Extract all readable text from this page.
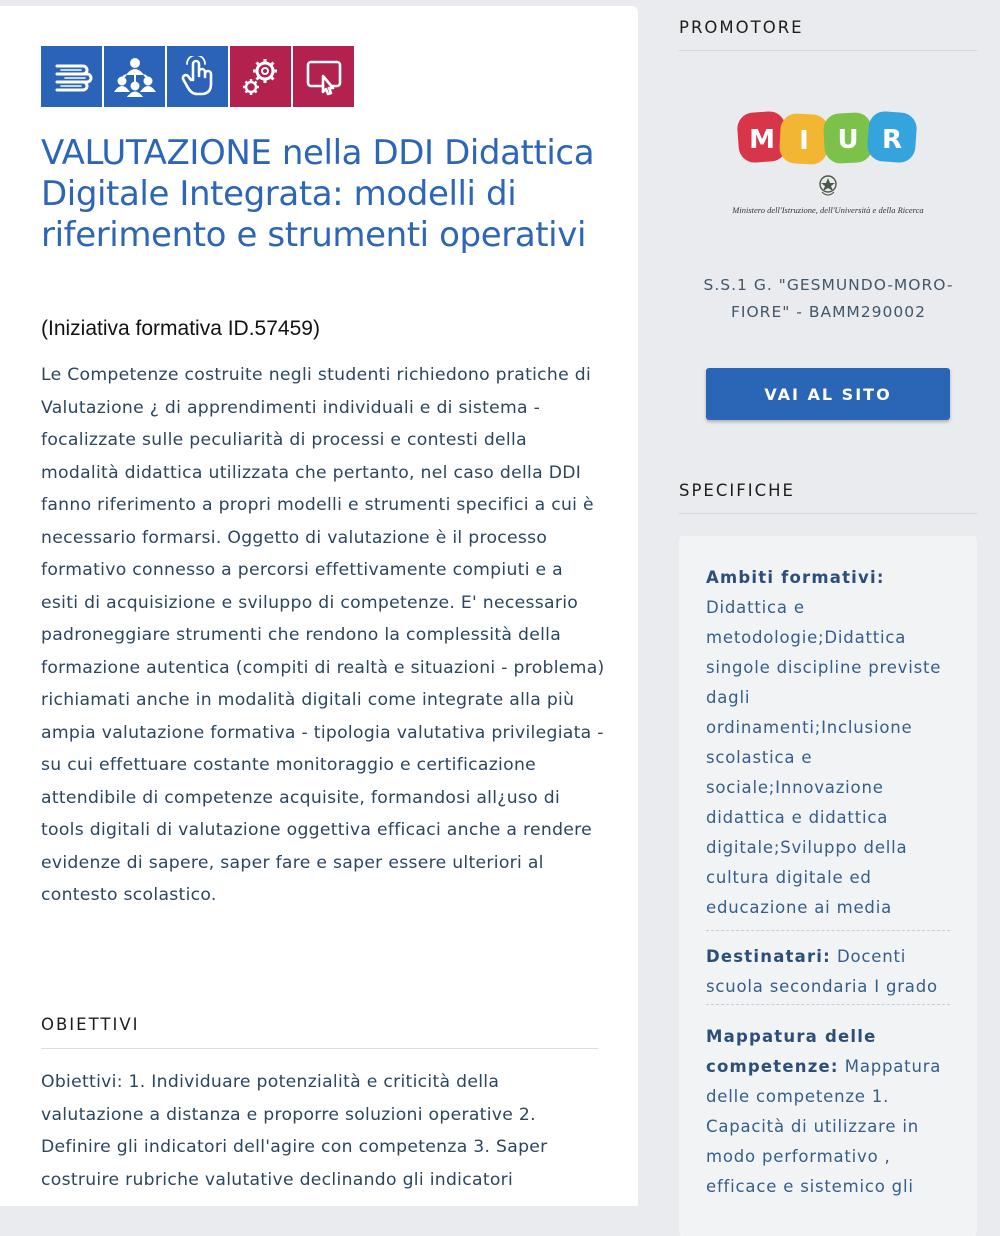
VALUTAZIONE nella DDI Didattica Digitale Integrata: modelli di riferimento e strumenti operativi

(Iniziativa formativa ID.57459)

Le Competenze costruite negli studenti richiedono pratiche di Valutazione ¿ di apprendimenti individuali e di sistema - focalizzate sulle peculiarità di processi e contesti della modalità didattica utilizzata che pertanto, nel caso della DDI fanno riferimento a propri modelli e strumenti specifici a cui è necessario formarsi. Oggetto di valutazione è il processo formativo connesso a percorsi effettivamente compiuti e a esiti di acquisizione e sviluppo di competenze. E' necessario padroneggiare strumenti che rendono la complessità della formazione autentica (compiti di realtà e situazioni - problema) richiamati anche in modalità digitali come integrate alla più ampia valutazione formativa - tipologia valutativa privilegiata - su cui effettuare costante monitoraggio e certificazione attendibile di competenze acquisite, formandosi all¿uso di tools digitali di valutazione oggettiva efficaci anche a rendere evidenze di sapere, saper fare e saper essere ulteriori al contesto scolastico.

OBIETTIVI

Obiettivi: 1. Individuare potenzialità e criticità della valutazione a distanza e proporre soluzioni operative 2. Definire gli indicatori dell'agire con competenza 3. Saper costruire rubriche valutative declinando gli indicatori

PROMOTORE
M I U R
Ministero dell'Istruzione, dell'Università e della Ricerca

S.S.1 G. "GESMUNDO-MORO-FIORE" - BAMM290002

VAI AL SITO
SPECIFICHE

Ambiti formativi:
Didattica e metodologie;Didattica singole discipline previste dagli ordinamenti;Inclusione scolastica e sociale;Innovazione didattica e didattica digitale;Sviluppo della cultura digitale ed educazione ai media

Destinatari: Docenti scuola secondaria I grado

Mappatura delle competenze: Mappatura delle competenze 1. Capacità di utilizzare in modo performativo , efficace e sistemico gli
